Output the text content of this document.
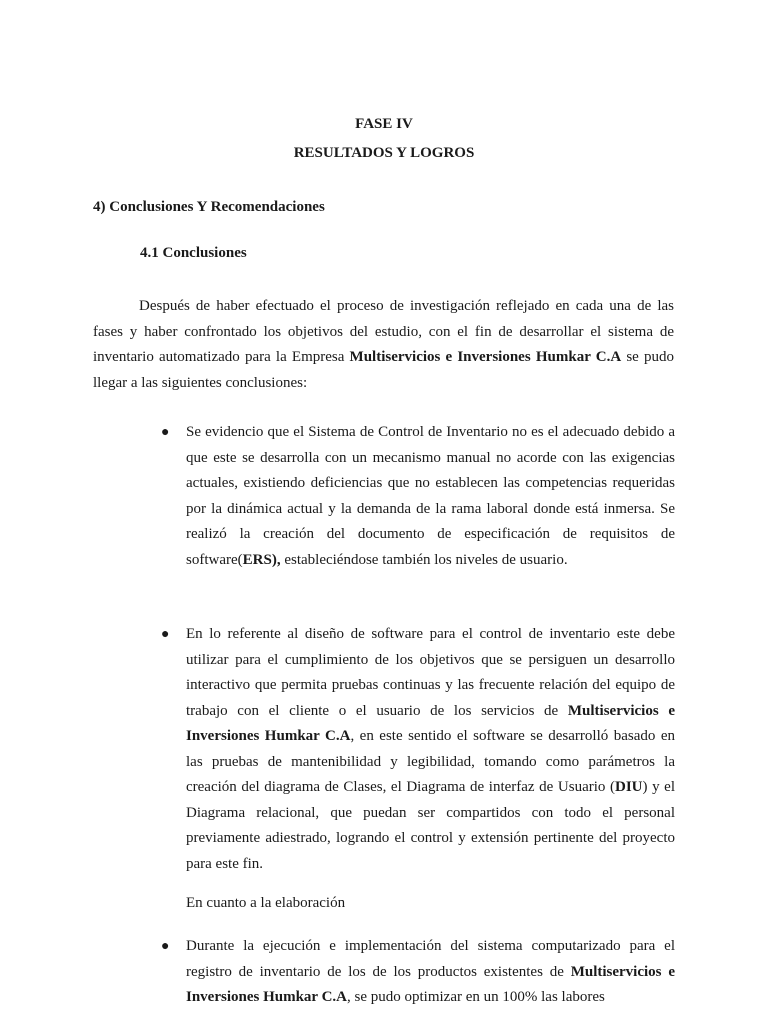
FASE IV

RESULTADOS Y LOGROS

4) Conclusiones Y Recomendaciones

4.1 Conclusiones

Después de haber efectuado el proceso de investigación reflejado en cada una de las fases y haber confrontado los objetivos del estudio, con el fin de desarrollar el sistema de inventario automatizado para la Empresa Multiservicios e Inversiones Humkar C.A se pudo llegar a las siguientes conclusiones:

● Se evidencio que el Sistema de Control de Inventario no es el adecuado debido a que este se desarrolla con un mecanismo manual no acorde con las exigencias actuales, existiendo deficiencias que no establecen las competencias requeridas por la dinámica actual y la demanda de la rama laboral donde está inmersa. Se realizó la creación del documento de especificación de requisitos de software(ERS), estableciéndose también los niveles de usuario.

● En lo referente al diseño de software para el control de inventario este debe utilizar para el cumplimiento de los objetivos que se persiguen un desarrollo interactivo que permita pruebas continuas y las frecuente relación del equipo de trabajo con el cliente o el usuario de los servicios de Multiservicios e Inversiones Humkar C.A, en este sentido el software se desarrolló basado en las pruebas de mantenibilidad y legibilidad, tomando como parámetros la creación del diagrama de Clases, el Diagrama de interfaz de Usuario (DIU) y el Diagrama relacional, que puedan ser compartidos con todo el personal previamente adiestrado, logrando el control y extensión pertinente del proyecto para este fin.

En cuanto a la elaboración

● Durante la ejecución e implementación del sistema computarizado para el registro de inventario de los de los productos existentes de Multiservicios e Inversiones Humkar C.A, se pudo optimizar en un 100% las labores
